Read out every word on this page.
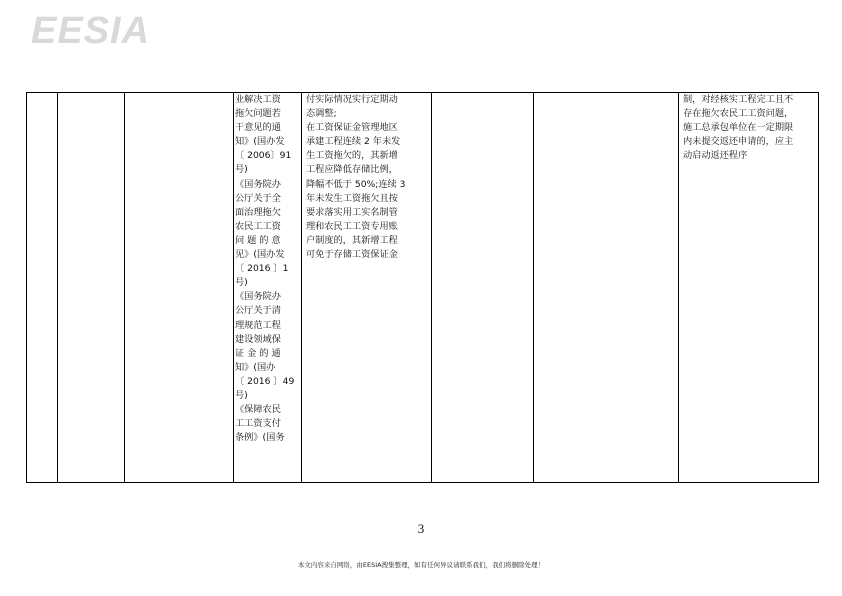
EESIA
业解决工资
拖欠问题若
干意见的通
知》(国办发
〔 2006〕91
号)
《国务院办
公厅关于全
面治理拖欠
农民工工资
问 题 的 意
见》(国办发
〔 2016 〕1
号)
《国务院办
公厅关于清
理规范工程
建设领域保
证 金 的 通
知》(国办
〔 2016 〕49
号)
《保障农民
工工资支付
条例》(国务
付实际情况实行定期动
态调整;
在工资保证金管理地区
承建工程连续 2 年未发
生工资拖欠的，其新增
工程应降低存储比例，
降幅不低于 50%;连续 3
年未发生工资拖欠且按
要求落实用工实名制管
理和农民工工资专用账
户制度的，其新增工程
可免于存储工资保证金
制，对经核实工程完工且不
存在拖欠农民工工资问题，
施工总承包单位在一定期限
内未提交返还申请的，应主
动启动返还程序
3
本文内容来自网络，由EESIA搜集整理，如有任何异议请联系我们，我们将删除处理！
